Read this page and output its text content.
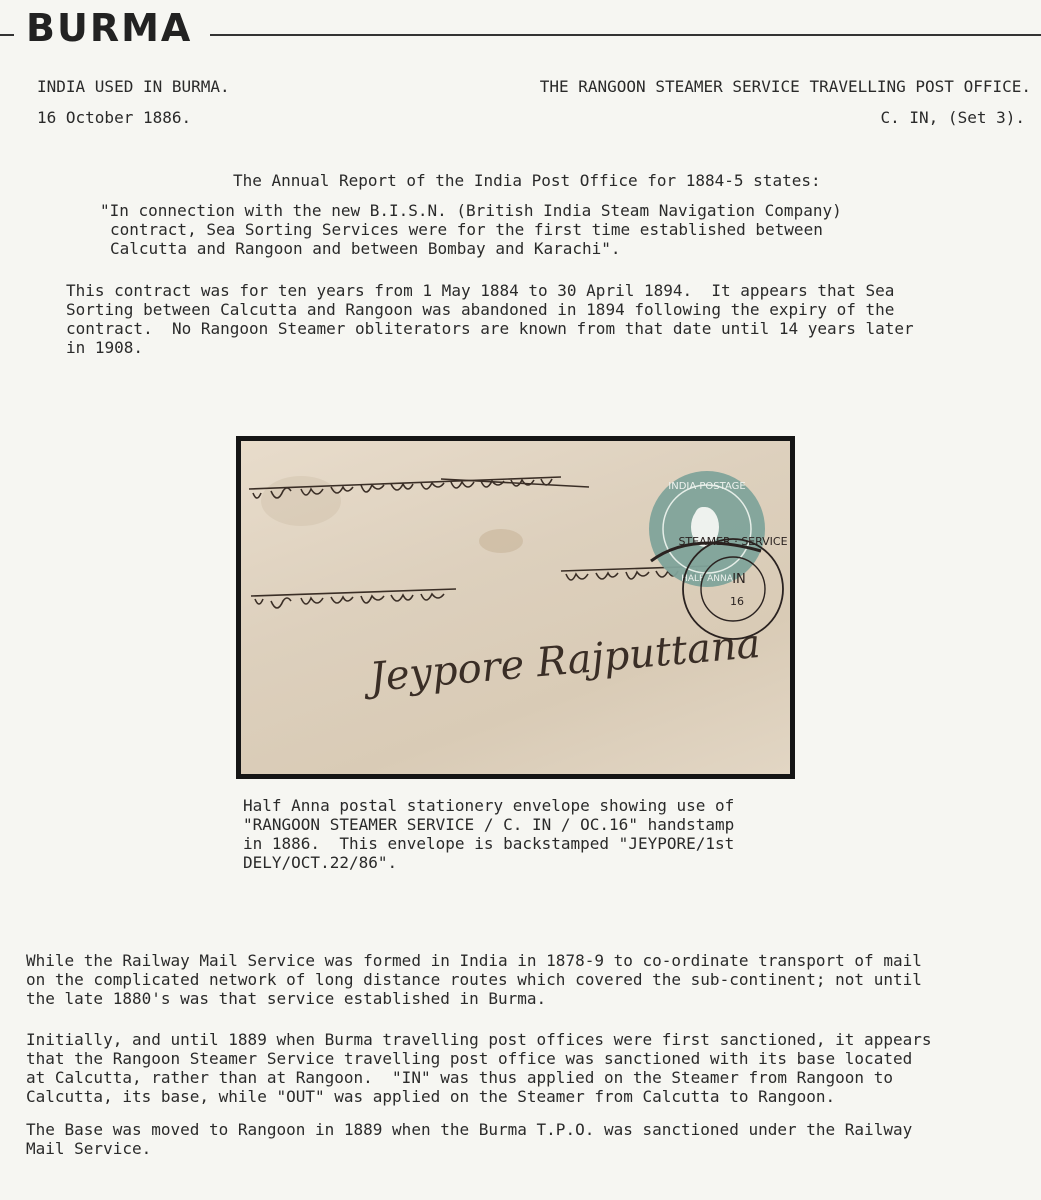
BURMA
INDIA USED IN BURMA.
16 October 1886.
THE RANGOON STEAMER SERVICE TRAVELLING POST OFFICE.
C. IN, (Set 3).
The Annual Report of the India Post Office for 1884-5 states:
"In connection with the new B.I.S.N. (British India Steam Navigation Company)
contract, Sea Sorting Services were for the first time established between
Calcutta and Rangoon and between Bombay and Karachi".
This contract was for ten years from 1 May 1884 to 30 April 1894.  It appears that Sea
Sorting between Calcutta and Rangoon was abandoned in 1894 following the expiry of the
contract.  No Rangoon Steamer obliterators are known from that date until 14 years later
in 1908.
INDIA POSTAGE
HALF ANNA
STEAMER · SERVICE
IN
16
Jeypore Rajputtana
Half Anna postal stationery envelope showing use of
"RANGOON STEAMER SERVICE / C. IN / OC.16" handstamp
in 1886.  This envelope is backstamped "JEYPORE/1st
DELY/OCT.22/86".
While the Railway Mail Service was formed in India in 1878-9 to co-ordinate transport of mail
on the complicated network of long distance routes which covered the sub-continent; not until
the late 1880's was that service established in Burma.
Initially, and until 1889 when Burma travelling post offices were first sanctioned, it appears
that the Rangoon Steamer Service travelling post office was sanctioned with its base located
at Calcutta, rather than at Rangoon.  "IN" was thus applied on the Steamer from Rangoon to
Calcutta, its base, while "OUT" was applied on the Steamer from Calcutta to Rangoon.
The Base was moved to Rangoon in 1889 when the Burma T.P.O. was sanctioned under the Railway
Mail Service.
